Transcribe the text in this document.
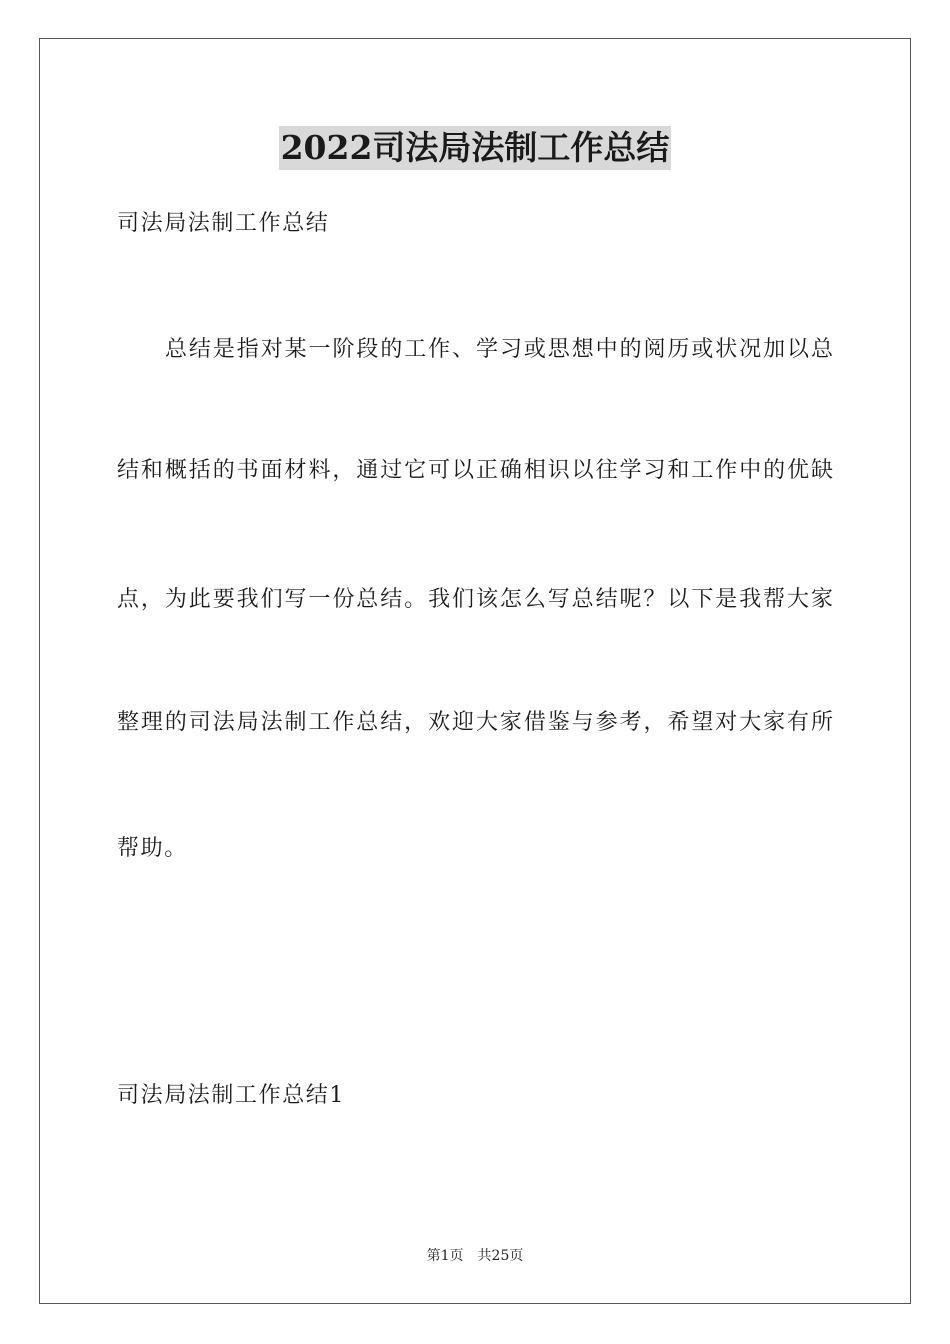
2022司法局法制工作总结
司法局法制工作总结
总结是指对某一阶段的工作、学习或思想中的阅历或状况加以总
结和概括的书面材料，通过它可以正确相识以往学习和工作中的优缺
点，为此要我们写一份总结。我们该怎么写总结呢？以下是我帮大家
整理的司法局法制工作总结，欢迎大家借鉴与参考，希望对大家有所
帮助。
司法局法制工作总结1
第1页　共25页
